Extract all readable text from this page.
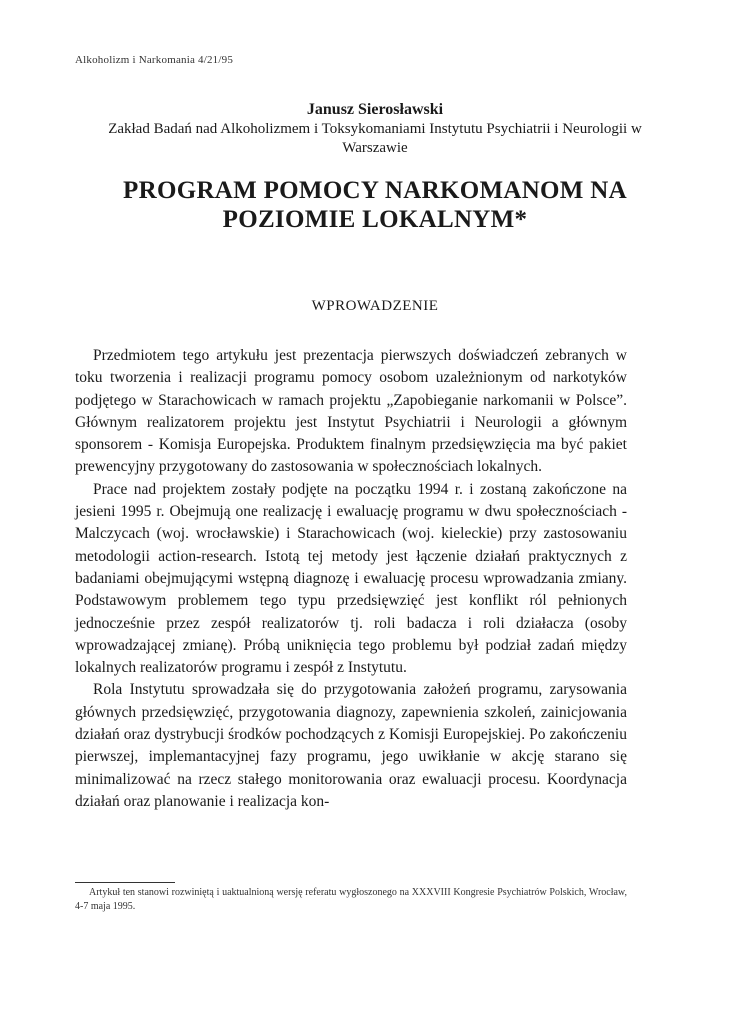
Alkoholizm i Narkomania 4/21/95
Janusz Sierosławski
Zakład Badań nad Alkoholizmem i Toksykomaniami Instytutu Psychiatrii i Neurologii w Warszawie
PROGRAM POMOCY NARKOMANOM NA POZIOMIE LOKALNYM*
WPROWADZENIE

Przedmiotem tego artykułu jest prezentacja pierwszych doświadczeń zebranych w toku tworzenia i realizacji programu pomocy osobom uzależnionym od narkotyków podjętego w Starachowicach w ramach projektu „Zapobieganie narkomanii w Polsce”. Głównym realizatorem projektu jest Instytut Psychiatrii i Neurologii a głównym sponsorem - Komisja Europejska. Produktem finalnym przedsięwzięcia ma być pakiet prewencyjny przygotowany do zastosowania w społecznościach lokalnych.

Prace nad projektem zostały podjęte na początku 1994 r. i zostaną zakończone na jesieni 1995 r. Obejmują one realizację i ewaluację programu w dwu społecznościach - Malczycach (woj. wrocławskie) i Starachowicach (woj. kieleckie) przy zastosowaniu metodologii action-research. Istotą tej metody jest łączenie działań praktycznych z badaniami obejmującymi wstępną diagnozę i ewaluację procesu wprowadzania zmiany. Podstawowym problemem tego typu przedsięwzięć jest konflikt ról pełnionych jednocześnie przez zespół realizatorów tj. roli badacza i roli działacza (osoby wprowadzającej zmianę). Próbą uniknięcia tego problemu był podział zadań między lokalnych realizatorów programu i zespół z Instytutu.

Rola Instytutu sprowadzała się do przygotowania założeń programu, zarysowania głównych przedsięwzięć, przygotowania diagnozy, zapewnienia szkoleń, zainicjowania działań oraz dystrybucji środków pochodzących z Komisji Europejskiej. Po zakończeniu pierwszej, implemantacyjnej fazy programu, jego uwikłanie w akcję starano się minimalizować na rzecz stałego monitorowania oraz ewaluacji procesu. Koordynacja działań oraz planowanie i realizacja kon-

Artykuł ten stanowi rozwiniętą i uaktualnioną wersję referatu wygłoszonego na XXXVIII Kongresie Psychiatrów Polskich, Wrocław, 4-7 maja 1995.
